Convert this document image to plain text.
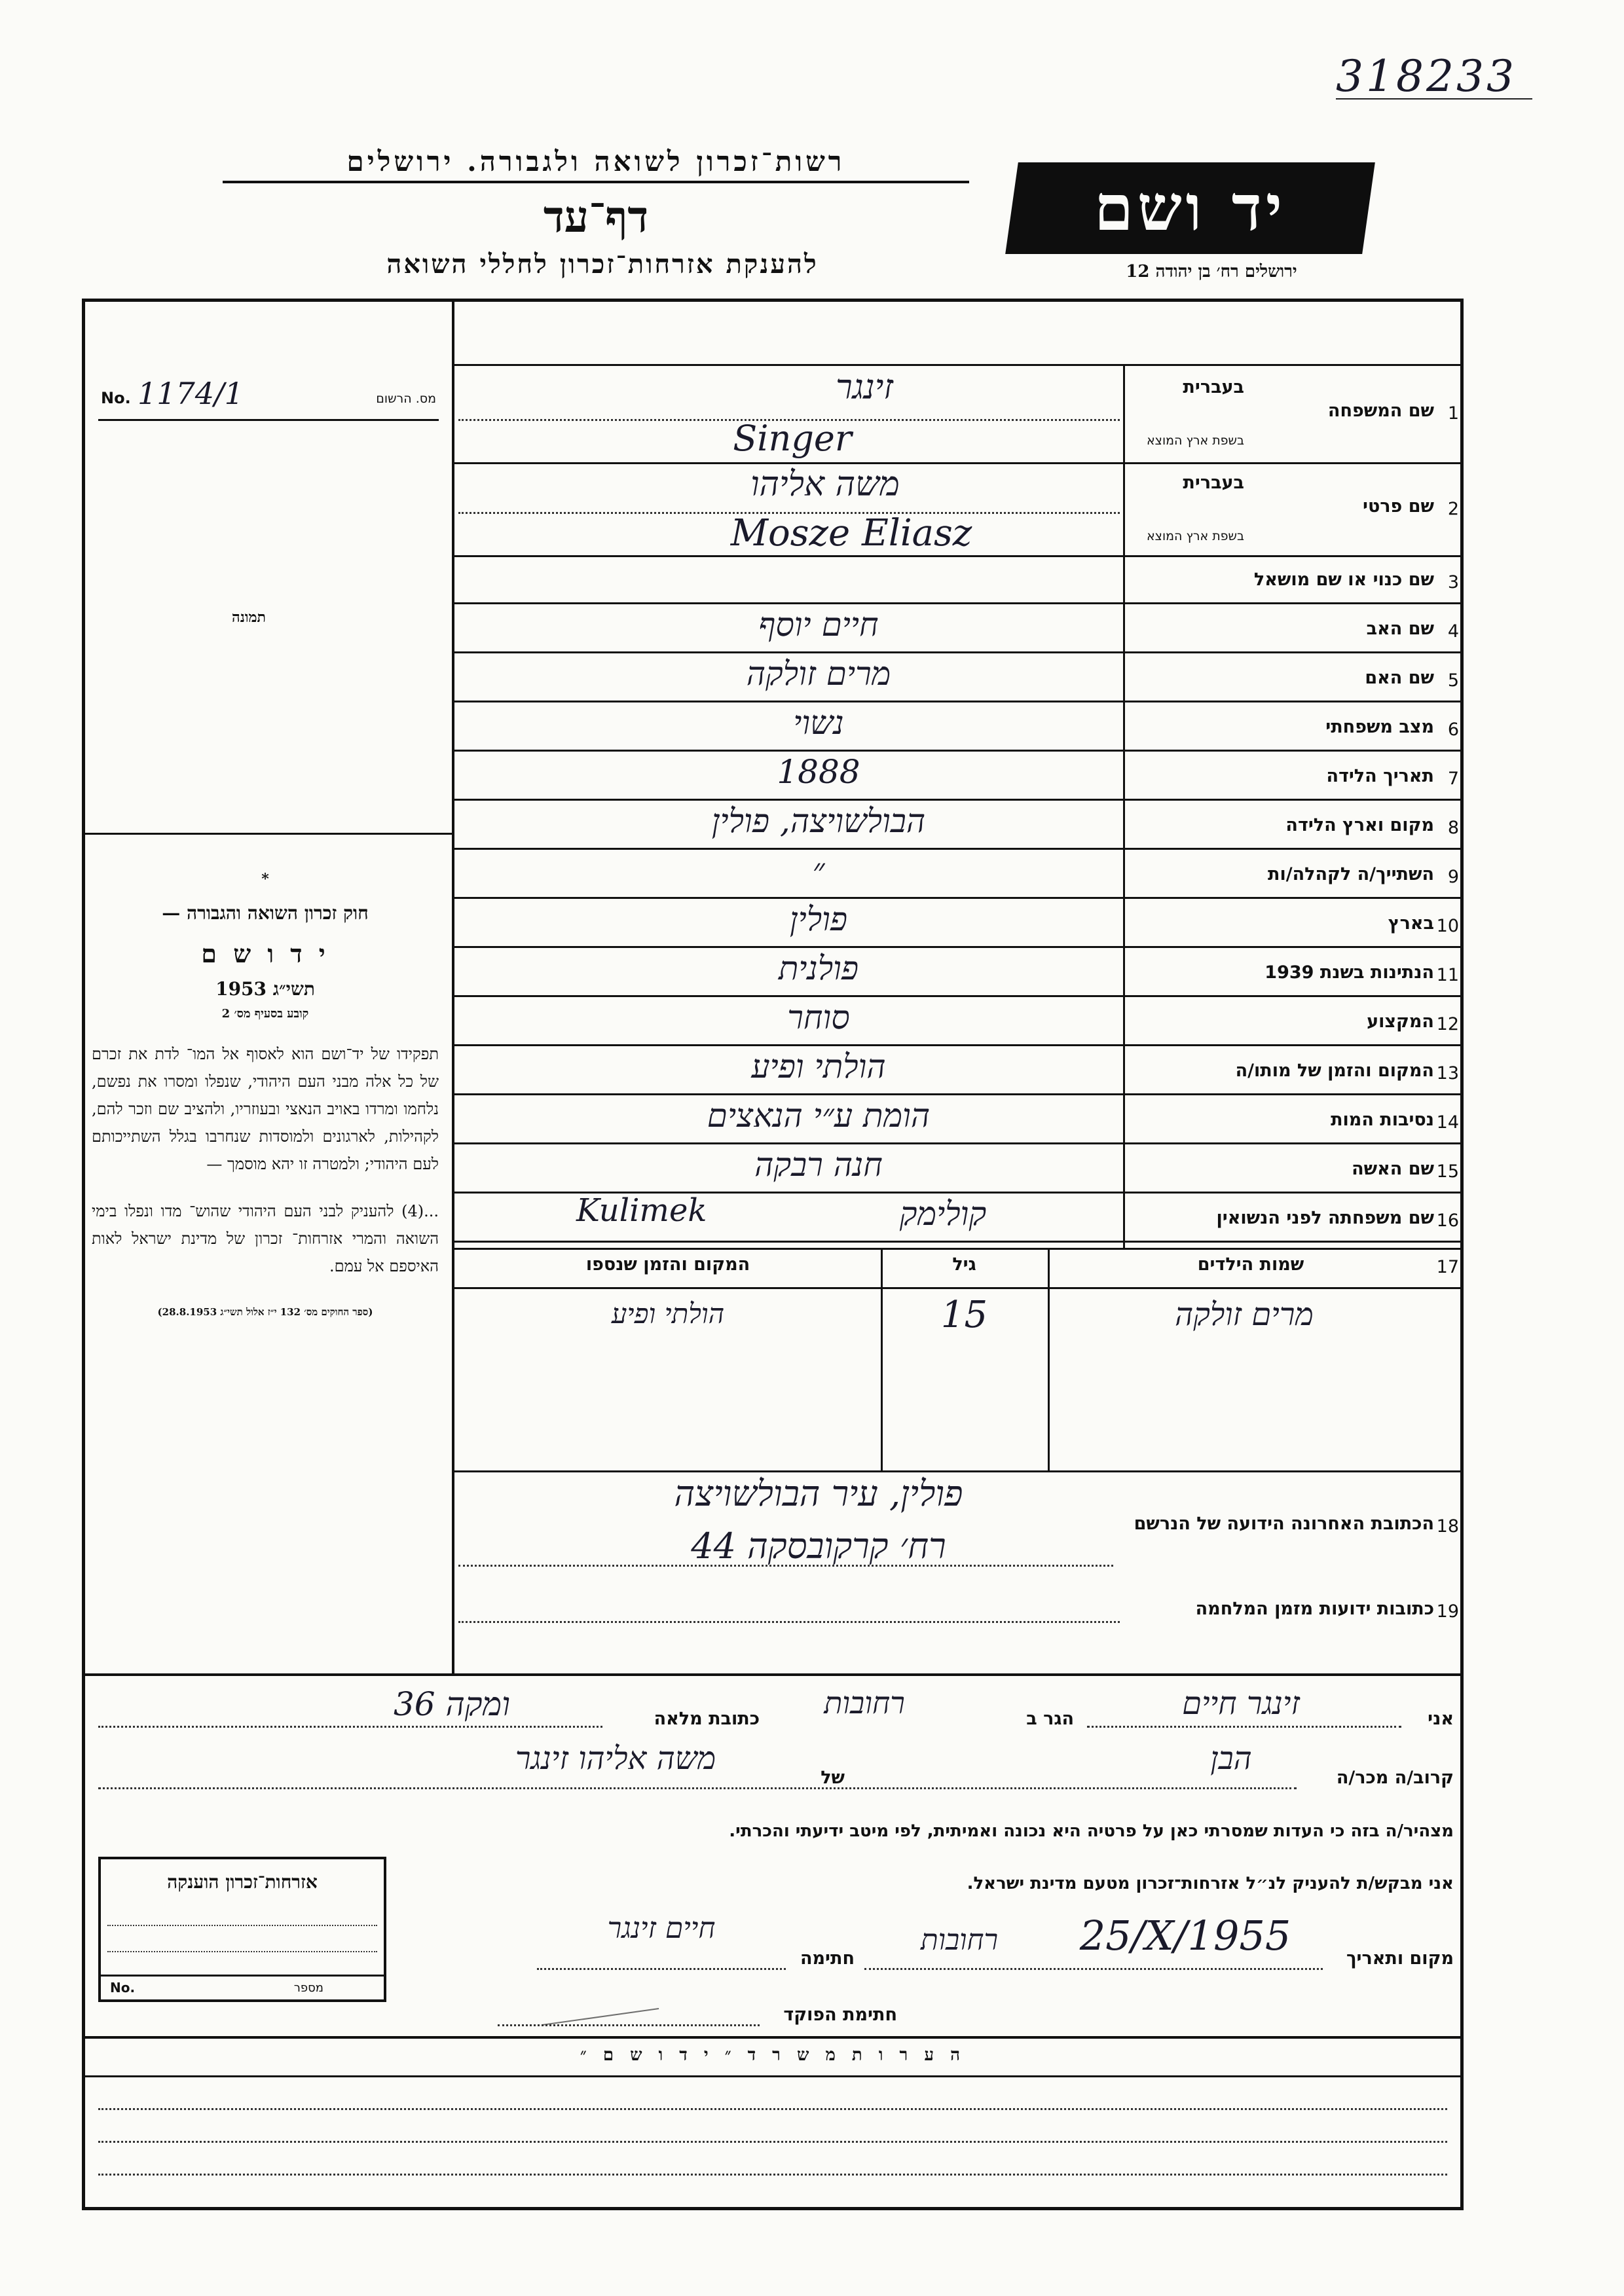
318233
רשות־זכרון לשואה ולגבורה. ירושלים
דף־עד
להענקת אזרחות־זכרון לחללי השואה
יד ושם
ירושלים רח׳ בן יהודה 12
No. 1174/1	מס. הרשום
תמונה
*
חוק זכרון השואה והגבורה —
י ד ו ש ם
תשי״ג 1953
קובע בסעיף מס׳ 2
תפקידו של יד־ושם הוא לאסוף אל המו־ לדת את זכרם של כל אלה מבני העם היהודי, שנפלו ומסרו את נפשם, נלחמו ומרדו באויב הנאצי ובעוזריו, ולהציב שם וזכר להם, לקהילות, לארגונים ולמוסדות שנחרבו בגלל השתייכותם לעם היהודי; ולמטרה זו יהא מוסמך —
...(4) להעניק לבני העם היהודי שהוש־ מדו ונפלו בימי השואה והמרי אזרחות־ זכרון של מדינת ישראל לאות האיספם אל עמם.
(ספר החוקים מס׳ 132 י״ז אלול תשי״ג 28.8.1953)
1
שם המשפחה
בעברית
בשפת ארץ המוצא
זינגר
Singer
2
שם פרטי
בעברית
בשפת ארץ המוצא
משה אליהו
Mosze Eliasz
3
שם כנוי או שם מושאל
4
שם האב
חיים יוסף
5
שם האם
מרים זולקה
6
מצב משפחתי
נשוי
7
תאריך הלידה
1888
8
מקום וארץ הלידה
הבולשויצה, פולין
9
השתייך/ה לקהלה/ות
״
10
בארץ
פולין
11
הנתינות בשנת 1939
פולנית
12
המקצוע
סוחר
13
המקום והזמן של מותו/ה
הולתי ופיע
14
נסיבות המות
הומת ע״י הנאצים
15
שם האשה
חנה רבקה
16
שם משפחתה לפני הנשואין
קולימק
Kulimek
17
שמות הילדים
גיל
המקום והזמן שנספו
מרים זולקה
15
הולתי ופיע
18
הכתובת האחרונה הידועה של הנרשם
פולין, עיר הבולשויצה
רח׳ קרקובסקה 44
19
כתובות ידועות מזמן המלחמה
אני
זינגר חיים
הגר ב
רחובות
כתובת מלאה
ומקה 36
קרוב/ה מכר/ה
הבן
של
משה אליהו זינגר
מצהיר/ה בזה כי העדות שמסרתי כאן על פרטיה היא נכונה ואמיתית, לפי מיטב ידיעתי והכרתי.
אני מבקש/ת להעניק לנ״ל אזרחות־זכרון מטעם מדינת ישראל.
מקום ותאריך
25/X/1955
רחובות
חתימה
חיים זינגר
חתימת הפוקד
אזרחות־זכרון הוענקה
No.	מספר
ה ע ר ו ת מ ש ר ד ״ י ד ו ש ם ״
